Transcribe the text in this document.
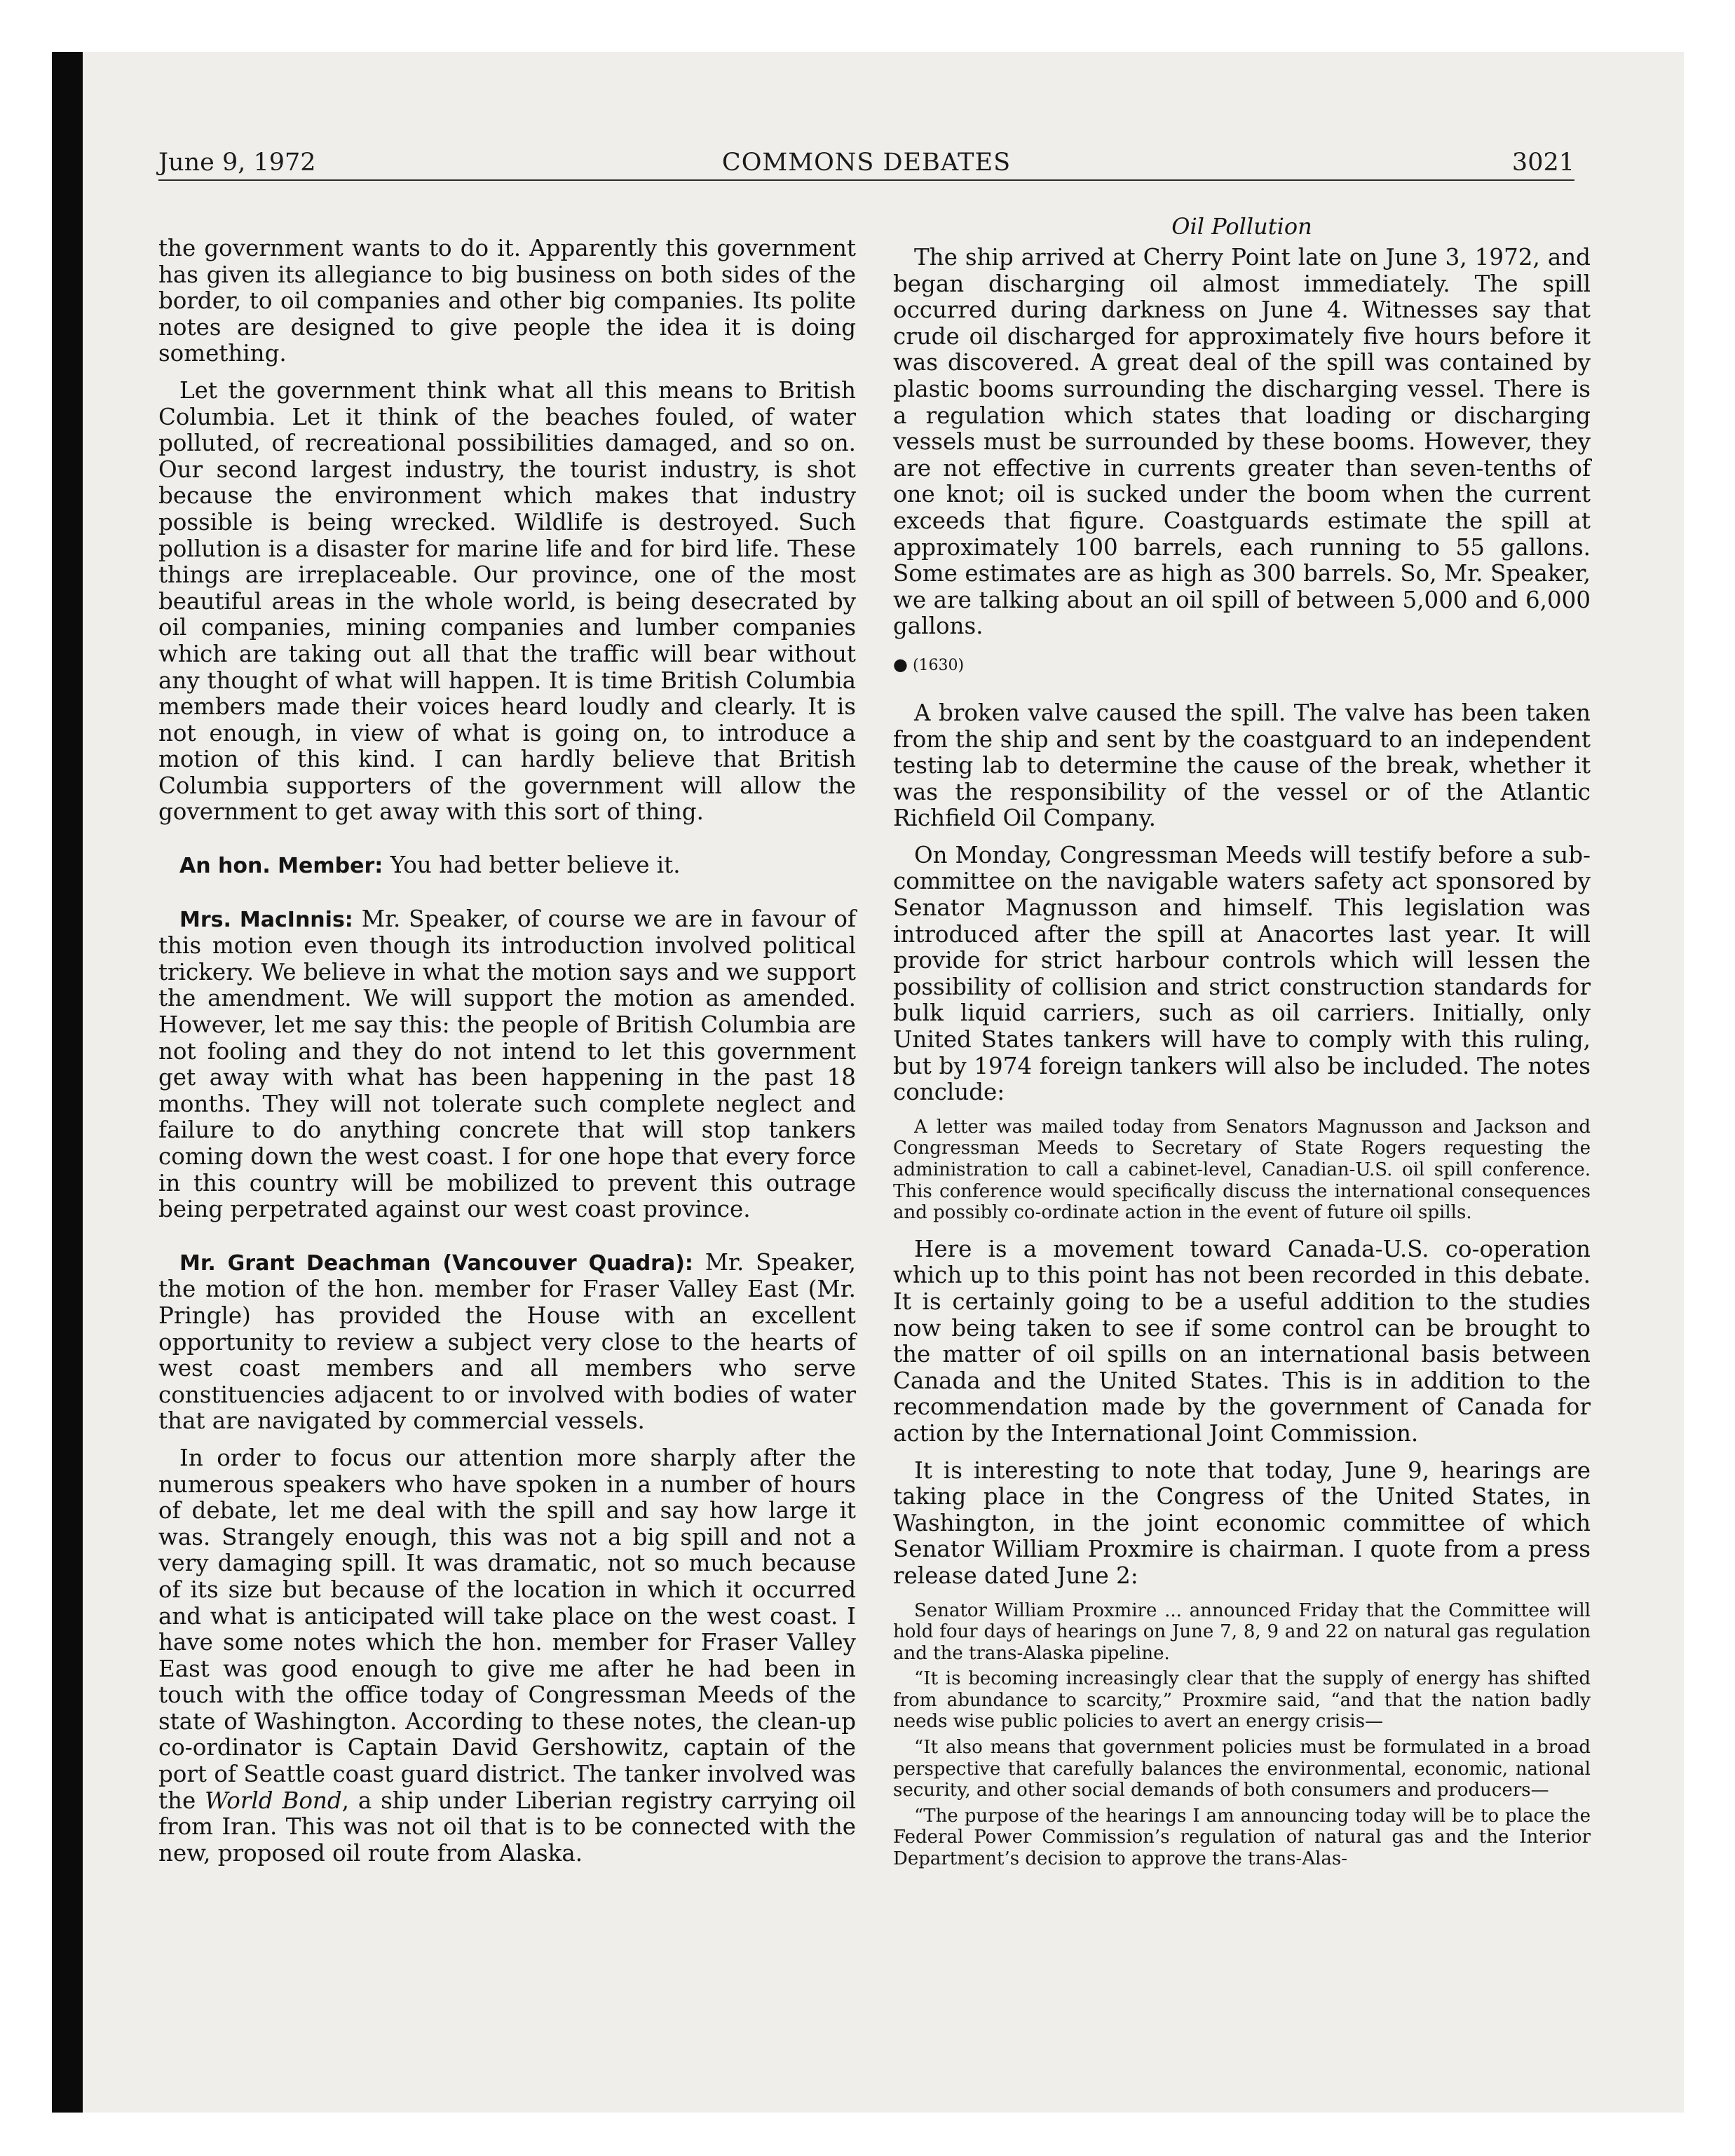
June 9, 1972	COMMONS DEBATES	3021

the government wants to do it. Apparently this government has given its allegiance to big business on both sides of the border, to oil companies and other big companies. Its polite notes are designed to give people the idea it is doing something.

Let the government think what all this means to British Columbia. Let it think of the beaches fouled, of water polluted, of recreational possibilities damaged, and so on. Our second largest industry, the tourist industry, is shot because the environment which makes that industry possible is being wrecked. Wildlife is destroyed. Such pollution is a disaster for marine life and for bird life. These things are irreplaceable. Our province, one of the most beautiful areas in the whole world, is being desecrated by oil companies, mining companies and lumber companies which are taking out all that the traffic will bear without any thought of what will happen. It is time British Columbia members made their voices heard loudly and clearly. It is not enough, in view of what is going on, to introduce a motion of this kind. I can hardly believe that British Columbia supporters of the government will allow the government to get away with this sort of thing.

An hon. Member: You had better believe it.

Mrs. MacInnis: Mr. Speaker, of course we are in favour of this motion even though its introduction involved political trickery. We believe in what the motion says and we support the amendment. We will support the motion as amended. However, let me say this: the people of British Columbia are not fooling and they do not intend to let this government get away with what has been happening in the past 18 months. They will not tolerate such complete neglect and failure to do anything concrete that will stop tankers coming down the west coast. I for one hope that every force in this country will be mobilized to prevent this outrage being perpetrated against our west coast province.

Mr. Grant Deachman (Vancouver Quadra): Mr. Speaker, the motion of the hon. member for Fraser Valley East (Mr. Pringle) has provided the House with an excellent opportunity to review a subject very close to the hearts of west coast members and all members who serve constituencies adjacent to or involved with bodies of water that are navigated by commercial vessels.

In order to focus our attention more sharply after the numerous speakers who have spoken in a number of hours of debate, let me deal with the spill and say how large it was. Strangely enough, this was not a big spill and not a very damaging spill. It was dramatic, not so much because of its size but because of the location in which it occurred and what is anticipated will take place on the west coast. I have some notes which the hon. member for Fraser Valley East was good enough to give me after he had been in touch with the office today of Congressman Meeds of the state of Washington. According to these notes, the clean-up co-ordinator is Captain David Gershowitz, captain of the port of Seattle coast guard district. The tanker involved was the World Bond, a ship under Liberian registry carrying oil from Iran. This was not oil that is to be connected with the new, proposed oil route from Alaska.

Oil Pollution

The ship arrived at Cherry Point late on June 3, 1972, and began discharging oil almost immediately. The spill occurred during darkness on June 4. Witnesses say that crude oil discharged for approximately five hours before it was discovered. A great deal of the spill was contained by plastic booms surrounding the discharging vessel. There is a regulation which states that loading or discharging vessels must be surrounded by these booms. However, they are not effective in currents greater than seven-tenths of one knot; oil is sucked under the boom when the current exceeds that figure. Coastguards estimate the spill at approximately 100 barrels, each running to 55 gallons. Some estimates are as high as 300 barrels. So, Mr. Speaker, we are talking about an oil spill of between 5,000 and 6,000 gallons.

● (1630)

A broken valve caused the spill. The valve has been taken from the ship and sent by the coastguard to an independent testing lab to determine the cause of the break, whether it was the responsibility of the vessel or of the Atlantic Richfield Oil Company.

On Monday, Congressman Meeds will testify before a sub-committee on the navigable waters safety act sponsored by Senator Magnusson and himself. This legislation was introduced after the spill at Anacortes last year. It will provide for strict harbour controls which will lessen the possibility of collision and strict construction standards for bulk liquid carriers, such as oil carriers. Initially, only United States tankers will have to comply with this ruling, but by 1974 foreign tankers will also be included. The notes conclude:

A letter was mailed today from Senators Magnusson and Jackson and Congressman Meeds to Secretary of State Rogers requesting the administration to call a cabinet-level, Canadian-U.S. oil spill conference. This conference would specifically discuss the international consequences and possibly co-ordinate action in the event of future oil spills.

Here is a movement toward Canada-U.S. co-operation which up to this point has not been recorded in this debate. It is certainly going to be a useful addition to the studies now being taken to see if some control can be brought to the matter of oil spills on an international basis between Canada and the United States. This is in addition to the recommendation made by the government of Canada for action by the International Joint Commission.

It is interesting to note that today, June 9, hearings are taking place in the Congress of the United States, in Washington, in the joint economic committee of which Senator William Proxmire is chairman. I quote from a press release dated June 2:

Senator William Proxmire ... announced Friday that the Committee will hold four days of hearings on June 7, 8, 9 and 22 on natural gas regulation and the trans-Alaska pipeline.

“It is becoming increasingly clear that the supply of energy has shifted from abundance to scarcity,” Proxmire said, “and that the nation badly needs wise public policies to avert an energy crisis—

“It also means that government policies must be formulated in a broad perspective that carefully balances the environmental, economic, national security, and other social demands of both consumers and producers—

“The purpose of the hearings I am announcing today will be to place the Federal Power Commission’s regulation of natural gas and the Interior Department’s decision to approve the trans-Alas-
